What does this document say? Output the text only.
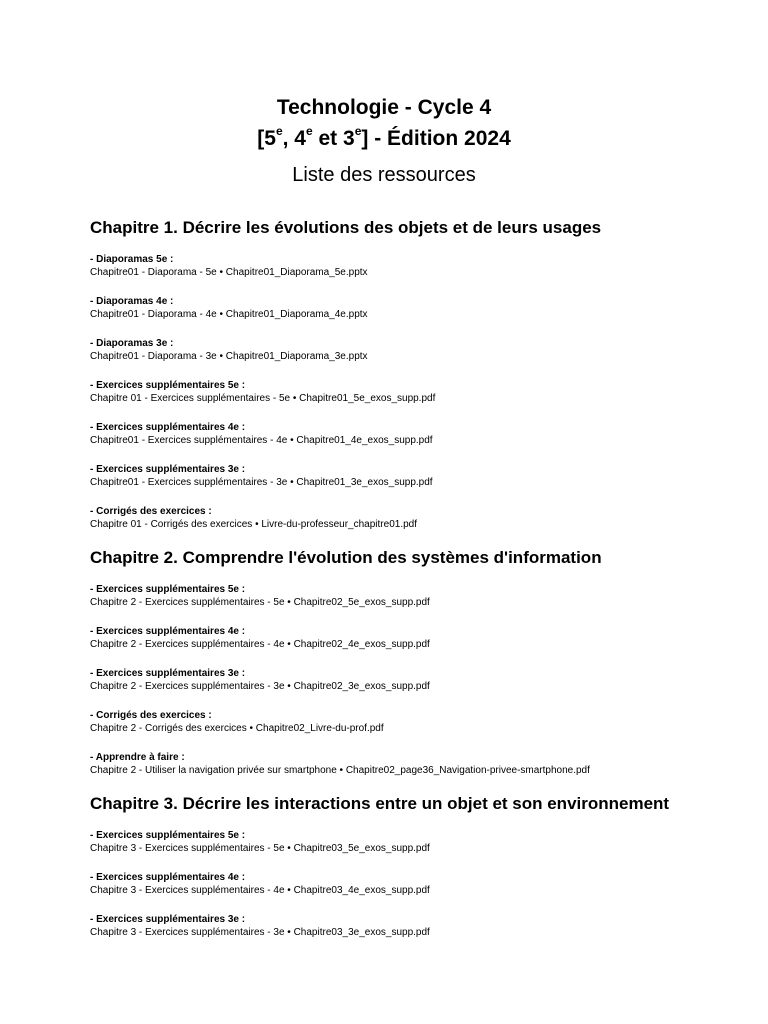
Technologie - Cycle 4
[5e, 4e et 3e] - Édition 2024
Liste des ressources
Chapitre 1. Décrire les évolutions des objets et de leurs usages
- Diaporamas 5e :
Chapitre01 - Diaporama - 5e • Chapitre01_Diaporama_5e.pptx
- Diaporamas 4e :
Chapitre01 - Diaporama - 4e • Chapitre01_Diaporama_4e.pptx
- Diaporamas 3e :
Chapitre01 - Diaporama - 3e • Chapitre01_Diaporama_3e.pptx
- Exercices supplémentaires 5e :
Chapitre 01 - Exercices supplémentaires - 5e • Chapitre01_5e_exos_supp.pdf
- Exercices supplémentaires 4e :
Chapitre01 - Exercices supplémentaires - 4e • Chapitre01_4e_exos_supp.pdf
- Exercices supplémentaires 3e :
Chapitre01 - Exercices supplémentaires - 3e • Chapitre01_3e_exos_supp.pdf
- Corrigés des exercices :
Chapitre 01 - Corrigés des exercices • Livre-du-professeur_chapitre01.pdf
Chapitre 2. Comprendre l'évolution des systèmes d'information
- Exercices supplémentaires 5e :
Chapitre 2 - Exercices supplémentaires - 5e • Chapitre02_5e_exos_supp.pdf
- Exercices supplémentaires 4e :
Chapitre 2 - Exercices supplémentaires - 4e • Chapitre02_4e_exos_supp.pdf
- Exercices supplémentaires 3e :
Chapitre 2 - Exercices supplémentaires - 3e • Chapitre02_3e_exos_supp.pdf
- Corrigés des exercices :
Chapitre 2 - Corrigés des exercices • Chapitre02_Livre-du-prof.pdf
- Apprendre à faire :
Chapitre 2 - Utiliser la navigation privée sur smartphone • Chapitre02_page36_Navigation-privee-smartphone.pdf
Chapitre 3. Décrire les interactions entre un objet et son environnement
- Exercices supplémentaires 5e :
Chapitre 3 - Exercices supplémentaires - 5e • Chapitre03_5e_exos_supp.pdf
- Exercices supplémentaires 4e :
Chapitre 3 - Exercices supplémentaires - 4e • Chapitre03_4e_exos_supp.pdf
- Exercices supplémentaires 3e :
Chapitre 3 - Exercices supplémentaires - 3e • Chapitre03_3e_exos_supp.pdf
